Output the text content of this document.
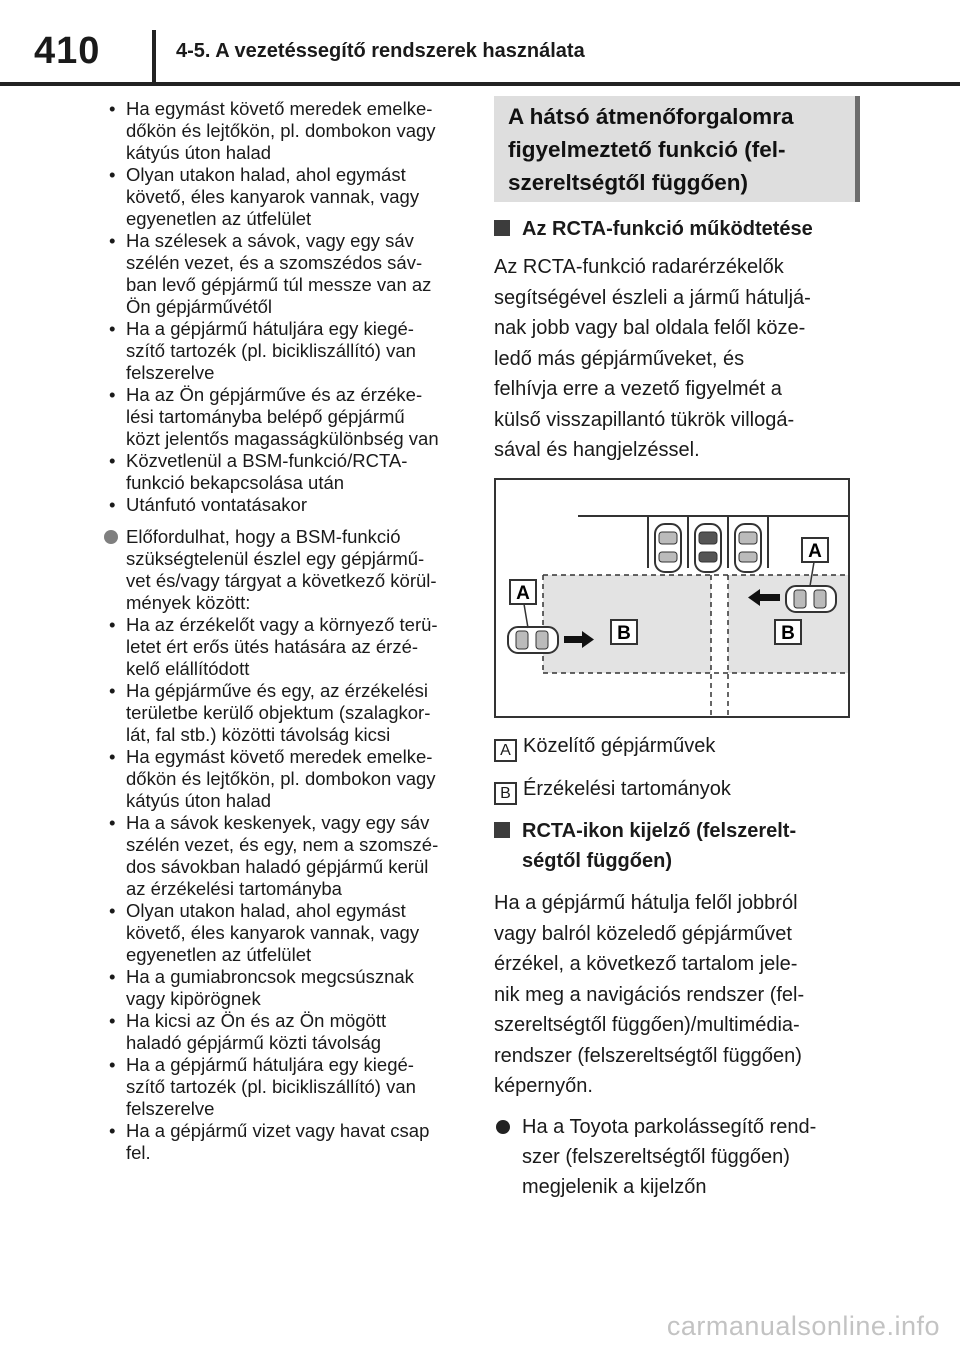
410	4-5. A vezetéssegítő rendszerek használata
• Ha egymást követő meredek emelke-
dőkön és lejtőkön, pl. dombokon vagy
kátyús úton halad
• Olyan utakon halad, ahol egymást
követő, éles kanyarok vannak, vagy
egyenetlen az útfelület
• Ha szélesek a sávok, vagy egy sáv
szélén vezet, és a szomszédos sáv-
ban levő gépjármű túl messze van az
Ön gépjárművétől
• Ha a gépjármű hátuljára egy kiegé-
szítő tartozék (pl. bicikliszállító) van
felszerelve
• Ha az Ön gépjárműve és az érzéke-
lési tartományba belépő gépjármű
közt jelentős magasságkülönbség van
• Közvetlenül a BSM-funkció/RCTA-
funkció bekapcsolása után
• Utánfutó vontatásakor
Előfordulhat, hogy a BSM-funkció
szükségtelenül észlel egy gépjármű-
vet és/vagy tárgyat a következő körül-
mények között:
• Ha az érzékelőt vagy a környező terü-
letet ért erős ütés hatására az érzé-
kelő elállítódott
• Ha gépjárműve és egy, az érzékelési
területbe kerülő objektum (szalagkor-
lát, fal stb.) közötti távolság kicsi
• Ha egymást követő meredek emelke-
dőkön és lejtőkön, pl. dombokon vagy
kátyús úton halad
• Ha a sávok keskenyek, vagy egy sáv
szélén vezet, és egy, nem a szomszé-
dos sávokban haladó gépjármű kerül
az érzékelési tartományba
• Olyan utakon halad, ahol egymást
követő, éles kanyarok vannak, vagy
egyenetlen az útfelület
• Ha a gumiabroncsok megcsúsznak
vagy kipörögnek
• Ha kicsi az Ön és az Ön mögött
haladó gépjármű közti távolság
• Ha a gépjármű hátuljára egy kiegé-
szítő tartozék (pl. bicikliszállító) van
felszerelve
• Ha a gépjármű vizet vagy havat csap
fel.
A hátsó átmenőforgalomra
figyelmeztető funkció (fel-
szereltségtől függően)
Az RCTA-funkció működtetése
Az RCTA-funkció radarérzékelők
segítségével észleli a jármű hátuljá-
nak jobb vagy bal oldala felől köze-
ledő más gépjárműveket, és
felhívja erre a vezető figyelmét a
külső visszapillantó tükrök villogá-
sával és hangjelzéssel.
A
A
B	B
A Közelítő gépjárművek
B Érzékelési tartományok
RCTA-ikon kijelző (felszerelt-
ségtől függően)
Ha a gépjármű hátulja felől jobbról
vagy balról közeledő gépjárművet
érzékel, a következő tartalom jele-
nik meg a navigációs rendszer (fel-
szereltségtől függően)/multimédia-
rendszer (felszereltségtől függően)
képernyőn.
Ha a Toyota parkolássegítő rend-
szer (felszereltségtől függően)
megjelenik a kijelzőn
carmanualsonline.info
